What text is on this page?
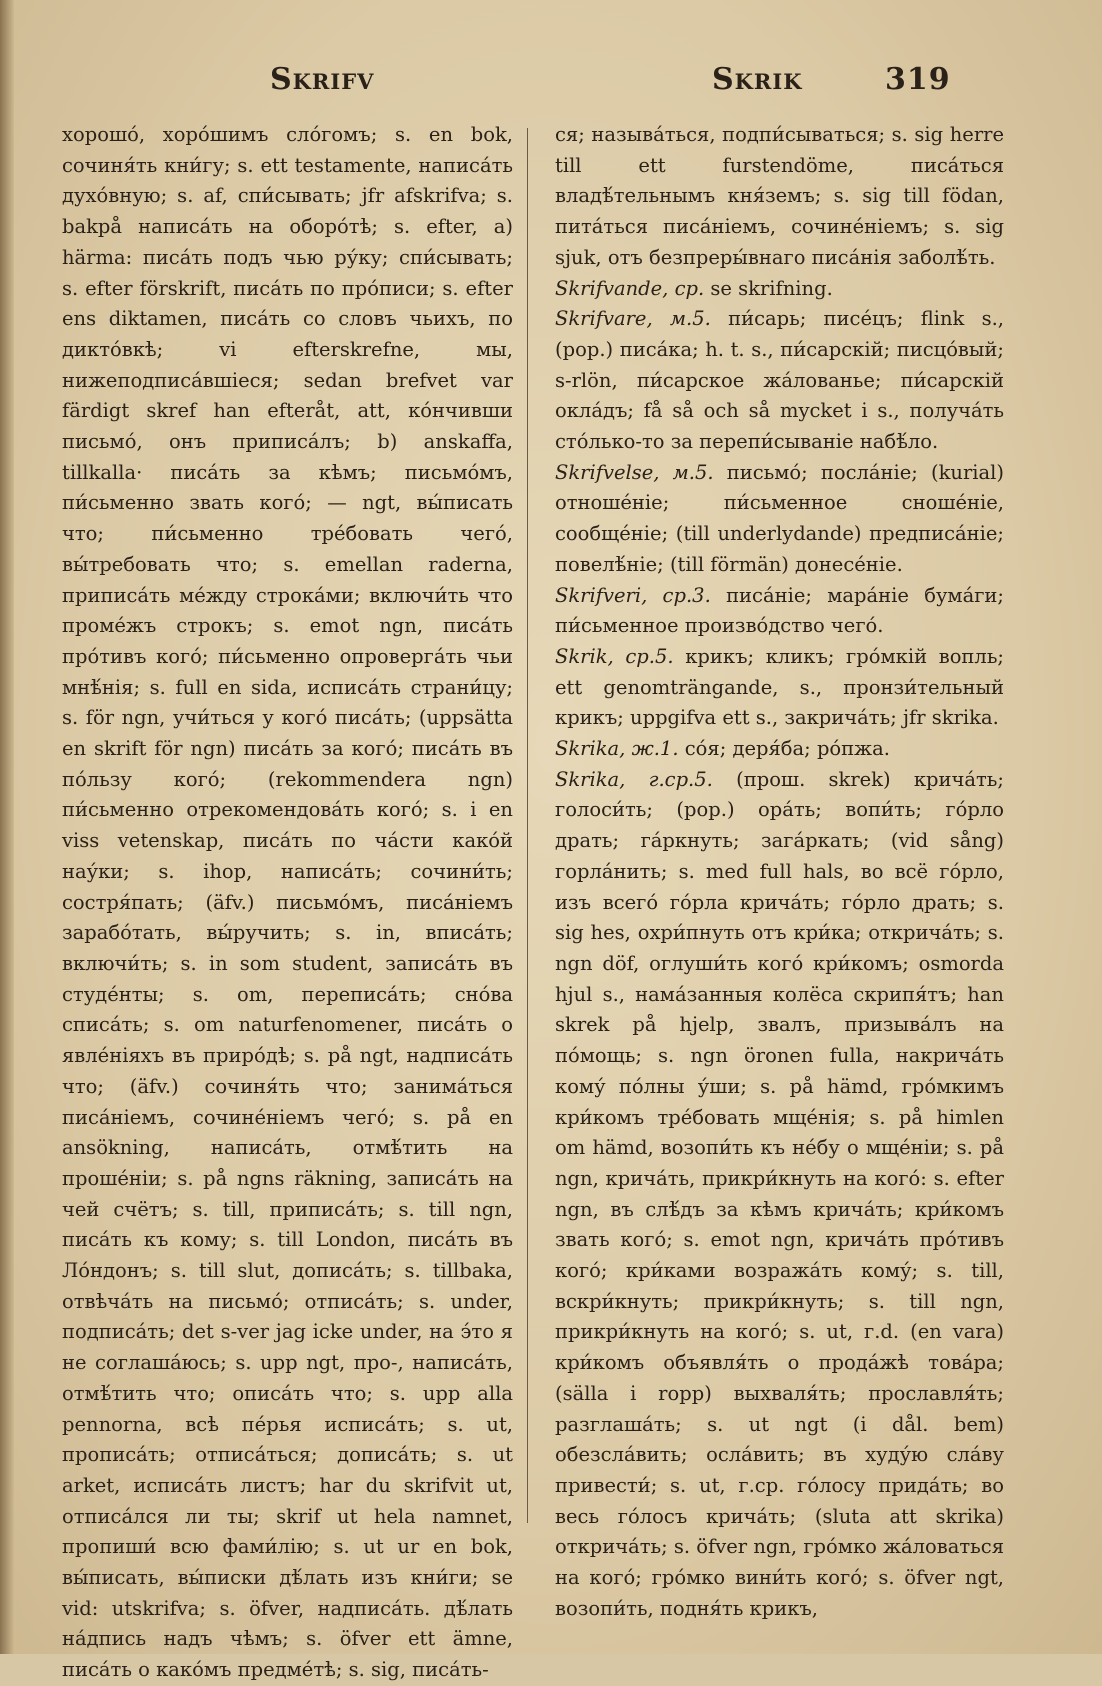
Skrifv	Skrik	319

хорошо́, хоро́шимъ сло́гомъ; s. en bok, сочиня́ть кни́гу; s. ett testamente, написа́ть духо́вную; s. af, спи́сывать; jfr afskrifva; s. bakpå написа́ть на оборо́тѣ; s. efter, a) härma: писа́ть подъ чью ру́ку; спи́сывать; s. efter förskrift, писа́ть по про́писи; s. efter ens diktamen, писа́ть со словъ чьихъ, по дикто́вкѣ; vi efterskrefne, мы, нижеподписа́вшiеся; sedan brefvet var färdigt skref han efteråt, att, ко́нчивши письмо́, онъ приписа́лъ; b) anskaffa, tillkalla· писа́ть за кѣмъ; письмо́мъ, пи́сьменно звать кого́; — ngt, вы́писать что; пи́сьменно тре́бовать чего́, вы́требовать что; s. emellan raderna, приписа́ть ме́жду строка́ми; включи́ть что проме́жъ строкъ; s. emot ngn, писа́ть про́тивъ кого́; пи́сьменно опроверга́ть чьи мнѣ́нiя; s. full en sida, исписа́ть страни́цу; s. för ngn, учи́ться у кого́ писа́ть; (uppsätta en skrift för ngn) писа́ть за кого́; писа́ть въ по́льзу кого́; (rekommendera ngn) пи́сьменно отрекомендова́ть кого́; s. i en viss vetenskap, писа́ть по ча́сти како́й нау́ки; s. ihop, написа́ть; сочини́ть; состря́пать; (äfv.) письмо́мъ, писа́нiемъ зарабо́тать, вы́ручить; s. in, вписа́ть; включи́ть; s. in som student, записа́ть въ студе́нты; s. om, переписа́ть; сно́ва списа́ть; s. om naturfenomener, писа́ть о явле́нiяхъ въ приро́дѣ; s. på ngt, надписа́ть что; (äfv.) сочиня́ть что; занима́ться писа́нiемъ, сочине́нiемъ чего́; s. på en ansökning, написа́ть, отмѣ́тить на проше́нiи; s. på ngns räkning, записа́ть на чей счётъ; s. till, приписа́ть; s. till ngn, писа́ть къ кому; s. till London, писа́ть въ Ло́ндонъ; s. till slut, дописа́ть; s. tillbaka, отвѣча́ть на письмо́; отписа́ть; s. under, подписа́ть; det s-ver jag icke under, на э́то я не соглаша́юсь; s. upp ngt, про-, написа́ть, отмѣ́тить что; описа́ть что; s. upp alla pennorna, всѣ пе́рья исписа́ть; s. ut, прописа́ть; отписа́ться; дописа́ть; s. ut arket, исписа́ть листъ; har du skrifvit ut, отписа́лся ли ты; skrif ut hela namnet, пропиши́ всю фами́лiю; s. ut ur en bok, вы́писать, вы́писки дѣ́лать изъ кни́ги; se vid: utskrifva; s. öfver, надписа́ть. дѣ́лать на́дпись надъ чѣмъ; s. öfver ett ämne, писа́ть о како́мъ предме́тѣ; s. sig, писа́ть-

ся; называ́ться, подпи́сываться; s. sig herre till ett furstendöme, писа́ться владѣ́тельнымъ кня́земъ; s. sig till födan, пита́ться писа́нiемъ, сочине́нiемъ; s. sig sjuk, отъ безпреры́внаго писа́нiя заболѣ́ть.

Skrifvande, ср. se skrifning.

Skrifvare, м.5. пи́сарь; писе́цъ; flink s., (рор.) писа́ка; h. t. s., пи́сарскiй; писцо́вый; s-rlön, пи́сарское жа́лованье; пи́сарскiй окла́дъ; få så och så mycket i s., получа́ть сто́лько-то за перепи́сыванiе набѣ́ло.

Skrifvelse, м.5. письмо́; посла́нiе; (kurial) отноше́нiе; пи́сьменное сноше́нiе, сообще́нiе; (till underlydande) предписа́нiе; повелѣ́нiе; (till förmän) донесе́нiе.

Skrifveri, ср.3. писа́нiе; мара́нiе бума́ги; пи́сьменное произво́дство чего́.

Skrik, ср.5. крикъ; кликъ; гро́мкiй вопль; ett genomträngande, s., пронзи́тельный крикъ; uppgifva ett s., закрича́ть; jfr skrika.

Skrika, ж.1. со́я; деря́ба; ро́пжа.

Skrika, г.ср.5. (прош. skrek) крича́ть; голоси́ть; (рор.) ора́ть; вопи́ть; го́рло драть; га́ркнуть; зага́ркать; (vid sång) горла́нить; s. med full hals, во всё го́рло, изъ всего́ го́рла крича́ть; го́рло драть; s. sig hes, охри́пнуть отъ кри́ка; открича́ть; s. ngn döf, оглуши́ть кого́ кри́комъ; osmorda hjul s., нама́занныя колёса скрипя́тъ; han skrek på hjelp, звалъ, призыва́лъ на по́мощь; s. ngn öronen fulla, накрича́ть кому́ по́лны у́ши; s. på hämd, гро́мкимъ кри́комъ тре́бовать мще́нiя; s. på himlen om hämd, возопи́ть къ не́бу о мще́нiи; s. på ngn, крича́ть, прикри́кнуть на кого́: s. efter ngn, въ слѣ́дъ за кѣмъ крича́ть; кри́комъ звать кого́; s. emot ngn, крича́ть про́тивъ кого́; кри́ками возража́ть кому́; s. till, вскри́кнуть; прикри́кнуть; s. till ngn, прикри́кнуть на кого́; s. ut, г.d. (en vara) кри́комъ объявля́ть о прода́жѣ това́ра; (sälla i ropp) выхваля́ть; прославля́ть; разглаша́ть; s. ut ngt (i dål. bem) обезсла́вить; осла́вить; въ худу́ю сла́ву привести́; s. ut, г.ср. го́лосу прида́ть; во весь го́лосъ крича́ть; (sluta att skrika) открича́ть; s. öfver ngn, гро́мко жа́ловаться на кого́; гро́мко вини́ть кого́; s. öfver ngt, возопи́ть, подня́ть крикъ,
